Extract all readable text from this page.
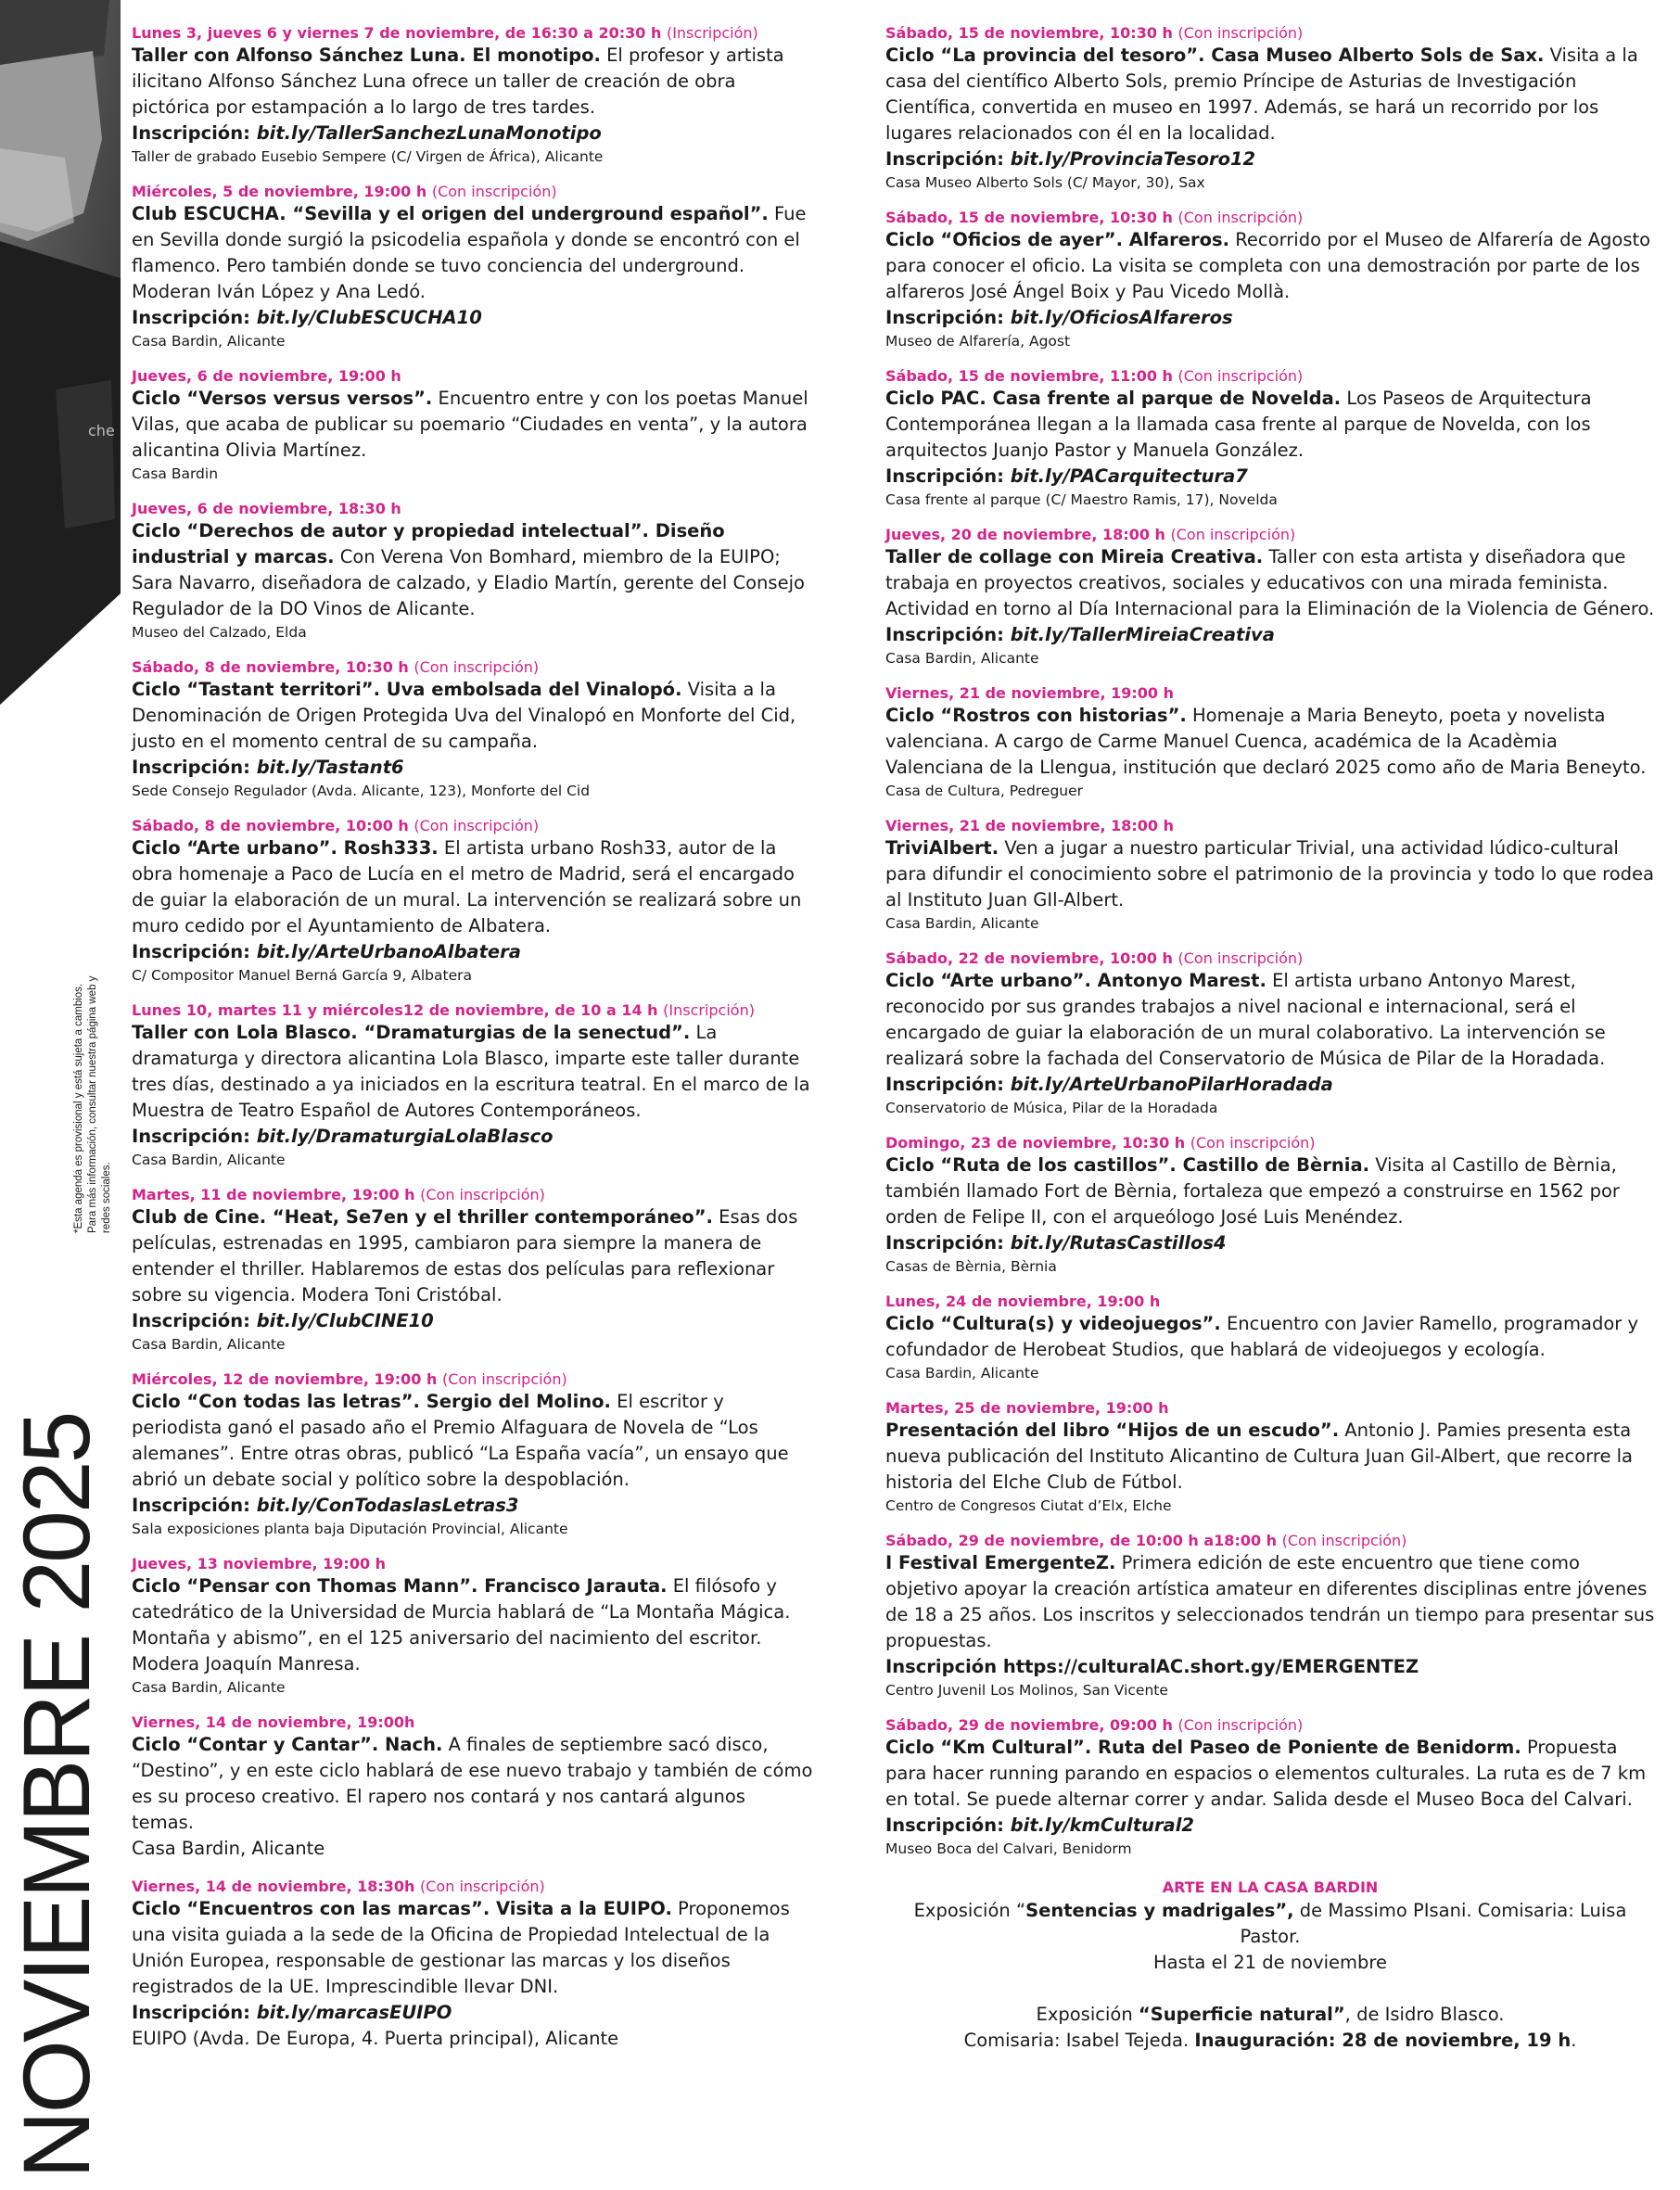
che
NOVIEMBRE 2025
*Esta agenda es provisional y está sujeta a cambios. Para más información, consultar nuestra página web y redes sociales.
Lunes 3, jueves 6 y viernes 7 de noviembre, de 16:30 a 20:30 h (Inscripción)
Taller con Alfonso Sánchez Luna. El monotipo. El profesor y artista ilicitano Alfonso Sánchez Luna ofrece un taller de creación de obra pictórica por estampación a lo largo de tres tardes.
Inscripción: bit.ly/TallerSanchezLunaMonotipo
Taller de grabado Eusebio Sempere (C/ Virgen de África), Alicante
Miércoles, 5 de noviembre, 19:00 h (Con inscripción)
Club ESCUCHA. “Sevilla y el origen del underground español”. Fue en Sevilla donde surgió la psicodelia española y donde se encontró con el flamenco. Pero también donde se tuvo conciencia del underground. Moderan Iván López y Ana Ledó.
Inscripción: bit.ly/ClubESCUCHA10
Casa Bardin, Alicante
Jueves, 6 de noviembre, 19:00 h
Ciclo “Versos versus versos”. Encuentro entre y con los poetas Manuel Vilas, que acaba de publicar su poemario “Ciudades en venta”, y la autora alicantina Olivia Martínez.
Casa Bardin
Jueves, 6 de noviembre, 18:30 h
Ciclo “Derechos de autor y propiedad intelectual”. Diseño industrial y marcas. Con Verena Von Bomhard, miembro de la EUIPO; Sara Navarro, diseñadora de calzado, y Eladio Martín, gerente del Consejo Regulador de la DO Vinos de Alicante.
Museo del Calzado, Elda
Sábado, 8 de noviembre, 10:30 h (Con inscripción)
Ciclo “Tastant territori”. Uva embolsada del Vinalopó. Visita a la Denominación de Origen Protegida Uva del Vinalopó en Monforte del Cid, justo en el momento central de su campaña.
Inscripción: bit.ly/Tastant6
Sede Consejo Regulador (Avda. Alicante, 123), Monforte del Cid
Sábado, 8 de noviembre, 10:00 h (Con inscripción)
Ciclo “Arte urbano”. Rosh333. El artista urbano Rosh33, autor de la obra homenaje a Paco de Lucía en el metro de Madrid, será el encargado de guiar la elaboración de un mural. La intervención se realizará sobre un muro cedido por el Ayuntamiento de Albatera.
Inscripción: bit.ly/ArteUrbanoAlbatera
C/ Compositor Manuel Berná García 9, Albatera
Lunes 10, martes 11 y miércoles12 de noviembre, de 10 a 14 h (Inscripción)
Taller con Lola Blasco. “Dramaturgias de la senectud”. La dramaturga y directora alicantina Lola Blasco, imparte este taller durante tres días, destinado a ya iniciados en la escritura teatral. En el marco de la Muestra de Teatro Español de Autores Contemporáneos.
Inscripción: bit.ly/DramaturgiaLolaBlasco
Casa Bardin, Alicante
Martes, 11 de noviembre, 19:00 h (Con inscripción)
Club de Cine. “Heat, Se7en y el thriller contemporáneo”. Esas dos películas, estrenadas en 1995, cambiaron para siempre la manera de entender el thriller. Hablaremos de estas dos películas para reflexionar sobre su vigencia. Modera Toni Cristóbal.
Inscripción: bit.ly/ClubCINE10
Casa Bardin, Alicante
Miércoles, 12 de noviembre, 19:00 h (Con inscripción)
Ciclo “Con todas las letras”. Sergio del Molino. El escritor y periodista ganó el pasado año el Premio Alfaguara de Novela de “Los alemanes”. Entre otras obras, publicó “La España vacía”, un ensayo que abrió un debate social y político sobre la despoblación.
Inscripción: bit.ly/ConTodaslasLetras3
Sala exposiciones planta baja Diputación Provincial, Alicante
Jueves, 13 noviembre, 19:00 h
Ciclo “Pensar con Thomas Mann”. Francisco Jarauta. El filósofo y catedrático de la Universidad de Murcia hablará de “La Montaña Mágica. Montaña y abismo”, en el 125 aniversario del nacimiento del escritor. Modera Joaquín Manresa.
Casa Bardin, Alicante
Viernes, 14 de noviembre, 19:00h
Ciclo “Contar y Cantar”. Nach. A finales de septiembre sacó disco, “Destino”, y en este ciclo hablará de ese nuevo trabajo y también de cómo es su proceso creativo. El rapero nos contará y nos cantará algunos temas.
Casa Bardin, Alicante
Viernes, 14 de noviembre, 18:30h (Con inscripción)
Ciclo “Encuentros con las marcas”. Visita a la EUIPO. Proponemos una visita guiada a la sede de la Oficina de Propiedad Intelectual de la Unión Europea, responsable de gestionar las marcas y los diseños registrados de la UE. Imprescindible llevar DNI.
Inscripción: bit.ly/marcasEUIPO
EUIPO (Avda. De Europa, 4. Puerta principal), Alicante
Sábado, 15 de noviembre, 10:30 h (Con inscripción)
Ciclo “La provincia del tesoro”. Casa Museo Alberto Sols de Sax. Visita a la casa del científico Alberto Sols, premio Príncipe de Asturias de Investigación Científica, convertida en museo en 1997. Además, se hará un recorrido por los lugares relacionados con él en la localidad.
Inscripción: bit.ly/ProvinciaTesoro12
Casa Museo Alberto Sols (C/ Mayor, 30), Sax
Sábado, 15 de noviembre, 10:30 h (Con inscripción)
Ciclo “Oficios de ayer”. Alfareros. Recorrido por el Museo de Alfarería de Agosto para conocer el oficio. La visita se completa con una demostración por parte de los alfareros José Ángel Boix y Pau Vicedo Mollà.
Inscripción: bit.ly/OficiosAlfareros
Museo de Alfarería, Agost
Sábado, 15 de noviembre, 11:00 h (Con inscripción)
Ciclo PAC. Casa frente al parque de Novelda. Los Paseos de Arquitectura Contemporánea llegan a la llamada casa frente al parque de Novelda, con los arquitectos Juanjo Pastor y Manuela González.
Inscripción: bit.ly/PACarquitectura7
Casa frente al parque (C/ Maestro Ramis, 17), Novelda
Jueves, 20 de noviembre, 18:00 h (Con inscripción)
Taller de collage con Mireia Creativa. Taller con esta artista y diseñadora que trabaja en proyectos creativos, sociales y educativos con una mirada feminista. Actividad en torno al Día Internacional para la Eliminación de la Violencia de Género.
Inscripción: bit.ly/TallerMireiaCreativa
Casa Bardin, Alicante
Viernes, 21 de noviembre, 19:00 h
Ciclo “Rostros con historias”. Homenaje a Maria Beneyto, poeta y novelista valenciana. A cargo de Carme Manuel Cuenca, académica de la Acadèmia Valenciana de la Llengua, institución que declaró 2025 como año de Maria Beneyto.
Casa de Cultura, Pedreguer
Viernes, 21 de noviembre, 18:00 h
TriviAlbert. Ven a jugar a nuestro particular Trivial, una actividad lúdico-cultural para difundir el conocimiento sobre el patrimonio de la provincia y todo lo que rodea al Instituto Juan GIl-Albert.
Casa Bardin, Alicante
Sábado, 22 de noviembre, 10:00 h (Con inscripción)
Ciclo “Arte urbano”. Antonyo Marest. El artista urbano Antonyo Marest, reconocido por sus grandes trabajos a nivel nacional e internacional, será el encargado de guiar la elaboración de un mural colaborativo. La intervención se realizará sobre la fachada del Conservatorio de Música de Pilar de la Horadada.
Inscripción: bit.ly/ArteUrbanoPilarHoradada
Conservatorio de Música, Pilar de la Horadada
Domingo, 23 de noviembre, 10:30 h (Con inscripción)
Ciclo “Ruta de los castillos”. Castillo de Bèrnia. Visita al Castillo de Bèrnia, también llamado Fort de Bèrnia, fortaleza que empezó a construirse en 1562 por orden de Felipe II, con el arqueólogo José Luis Menéndez.
Inscripción: bit.ly/RutasCastillos4
Casas de Bèrnia, Bèrnia
Lunes, 24 de noviembre, 19:00 h
Ciclo “Cultura(s) y videojuegos”. Encuentro con Javier Ramello, programador y cofundador de Herobeat Studios, que hablará de videojuegos y ecología.
Casa Bardin, Alicante
Martes, 25 de noviembre, 19:00 h
Presentación del libro “Hijos de un escudo”. Antonio J. Pamies presenta esta nueva publicación del Instituto Alicantino de Cultura Juan Gil-Albert, que recorre la historia del Elche Club de Fútbol.
Centro de Congresos Ciutat d’Elx, Elche
Sábado, 29 de noviembre, de 10:00 h a18:00 h (Con inscripción)
I Festival EmergenteZ. Primera edición de este encuentro que tiene como objetivo apoyar la creación artística amateur en diferentes disciplinas entre jóvenes de 18 a 25 años. Los inscritos y seleccionados tendrán un tiempo para presentar sus propuestas.
Inscripción https://culturalAC.short.gy/EMERGENTEZ
Centro Juvenil Los Molinos, San Vicente
Sábado, 29 de noviembre, 09:00 h (Con inscripción)
Ciclo “Km Cultural”. Ruta del Paseo de Poniente de Benidorm. Propuesta para hacer running parando en espacios o elementos culturales. La ruta es de 7 km en total. Se puede alternar correr y andar. Salida desde el Museo Boca del Calvari.
Inscripción: bit.ly/kmCultural2
Museo Boca del Calvari, Benidorm
ARTE EN LA CASA BARDIN

Exposición “Sentencias y madrigales”, de Massimo PIsani. Comisaria: Luisa Pastor.

Hasta el 21 de noviembre

Exposición “Superficie natural”, de Isidro Blasco.

Comisaria: Isabel Tejeda. Inauguración: 28 de noviembre, 19 h.
